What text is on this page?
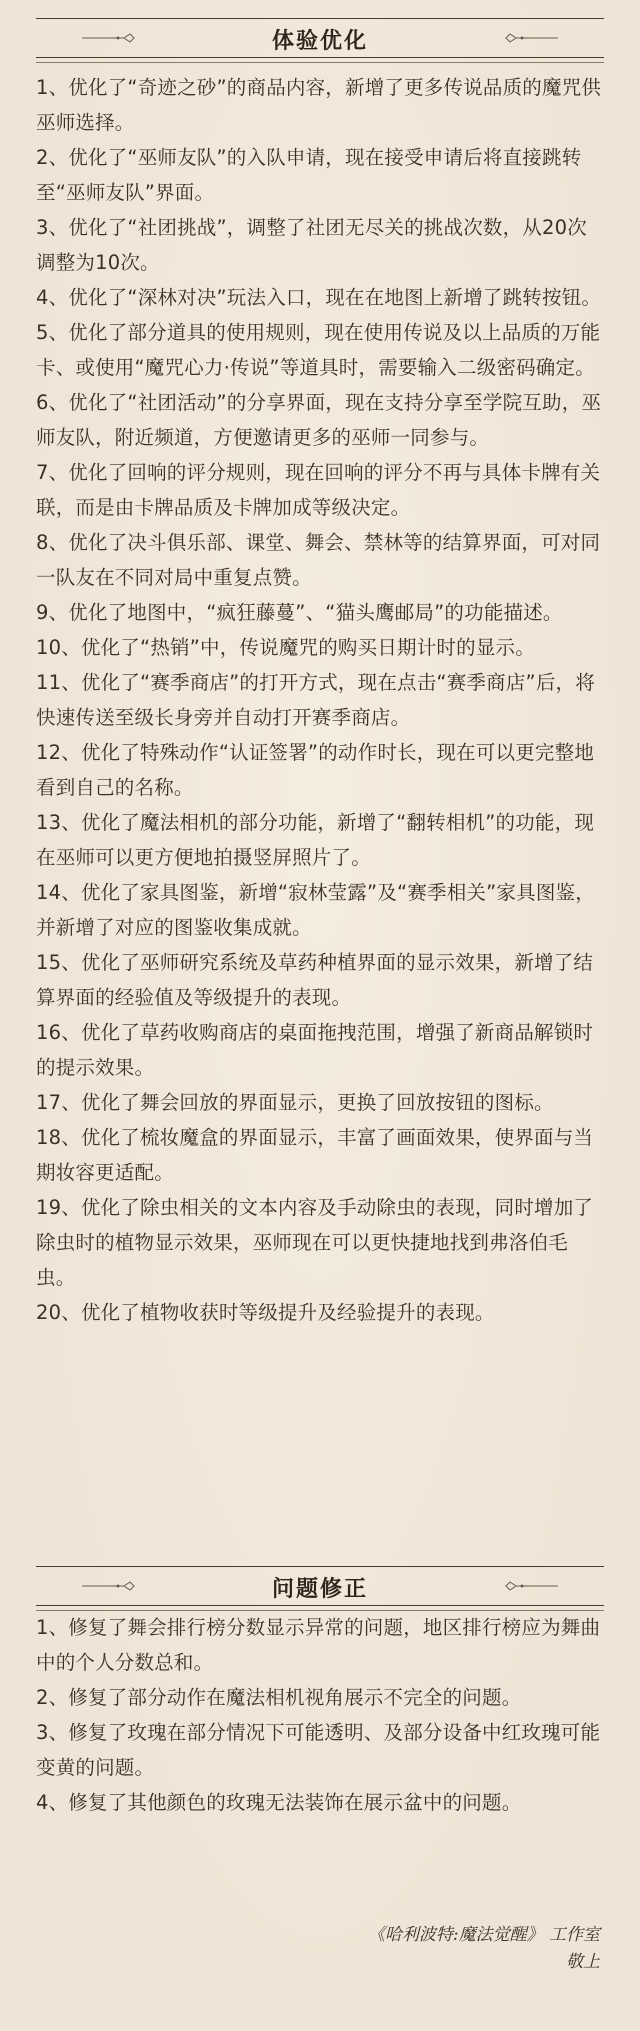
体验优化
1、优化了“奇迹之砂”的商品内容，新增了更多传说品质的魔咒供巫师选择。
2、优化了“巫师友队”的入队申请，现在接受申请后将直接跳转至“巫师友队”界面。
3、优化了“社团挑战”，调整了社团无尽关的挑战次数，从20次调整为10次。
4、优化了“深林对决”玩法入口，现在在地图上新增了跳转按钮。
5、优化了部分道具的使用规则，现在使用传说及以上品质的万能卡、或使用“魔咒心力·传说”等道具时，需要输入二级密码确定。
6、优化了“社团活动”的分享界面，现在支持分享至学院互助，巫师友队，附近频道，方便邀请更多的巫师一同参与。
7、优化了回响的评分规则，现在回响的评分不再与具体卡牌有关联，而是由卡牌品质及卡牌加成等级决定。
8、优化了决斗俱乐部、课堂、舞会、禁林等的结算界面，可对同一队友在不同对局中重复点赞。
9、优化了地图中，“疯狂藤蔓”、“猫头鹰邮局”的功能描述。
10、优化了“热销”中，传说魔咒的购买日期计时的显示。
11、优化了“赛季商店”的打开方式，现在点击“赛季商店”后，将快速传送至级长身旁并自动打开赛季商店。
12、优化了特殊动作“认证签署”的动作时长，现在可以更完整地看到自己的名称。
13、优化了魔法相机的部分功能，新增了“翻转相机”的功能，现在巫师可以更方便地拍摄竖屏照片了。
14、优化了家具图鉴，新增“寂林莹露”及“赛季相关”家具图鉴，并新增了对应的图鉴收集成就。
15、优化了巫师研究系统及草药种植界面的显示效果，新增了结算界面的经验值及等级提升的表现。
16、优化了草药收购商店的桌面拖拽范围，增强了新商品解锁时的提示效果。
17、优化了舞会回放的界面显示，更换了回放按钮的图标。
18、优化了梳妆魔盒的界面显示，丰富了画面效果，使界面与当期妆容更适配。
19、优化了除虫相关的文本内容及手动除虫的表现，同时增加了除虫时的植物显示效果，巫师现在可以更快捷地找到弗洛伯毛虫。
20、优化了植物收获时等级提升及经验提升的表现。
问题修正
1、修复了舞会排行榜分数显示异常的问题，地区排行榜应为舞曲中的个人分数总和。
2、修复了部分动作在魔法相机视角展示不完全的问题。
3、修复了玫瑰在部分情况下可能透明、及部分设备中红玫瑰可能变黄的问题。
4、修复了其他颜色的玫瑰无法装饰在展示盆中的问题。
《哈利波特:魔法觉醒》 工作室
敬上
